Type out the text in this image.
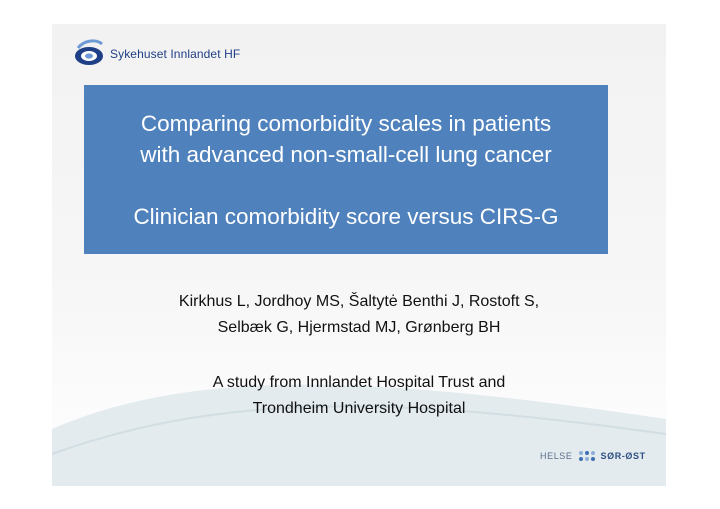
Sykehuset Innlandet HF
Comparing comorbidity scales in patients
with advanced non-small-cell lung cancer
Clinician comorbidity score versus CIRS-G
Kirkhus L, Jordhoy MS, Šaltytė Benthi J, Rostoft S,
Selbæk G, Hjermstad MJ, Grønberg BH
A study from Innlandet Hospital Trust and
Trondheim University Hospital
HELSE	SØR-ØST
